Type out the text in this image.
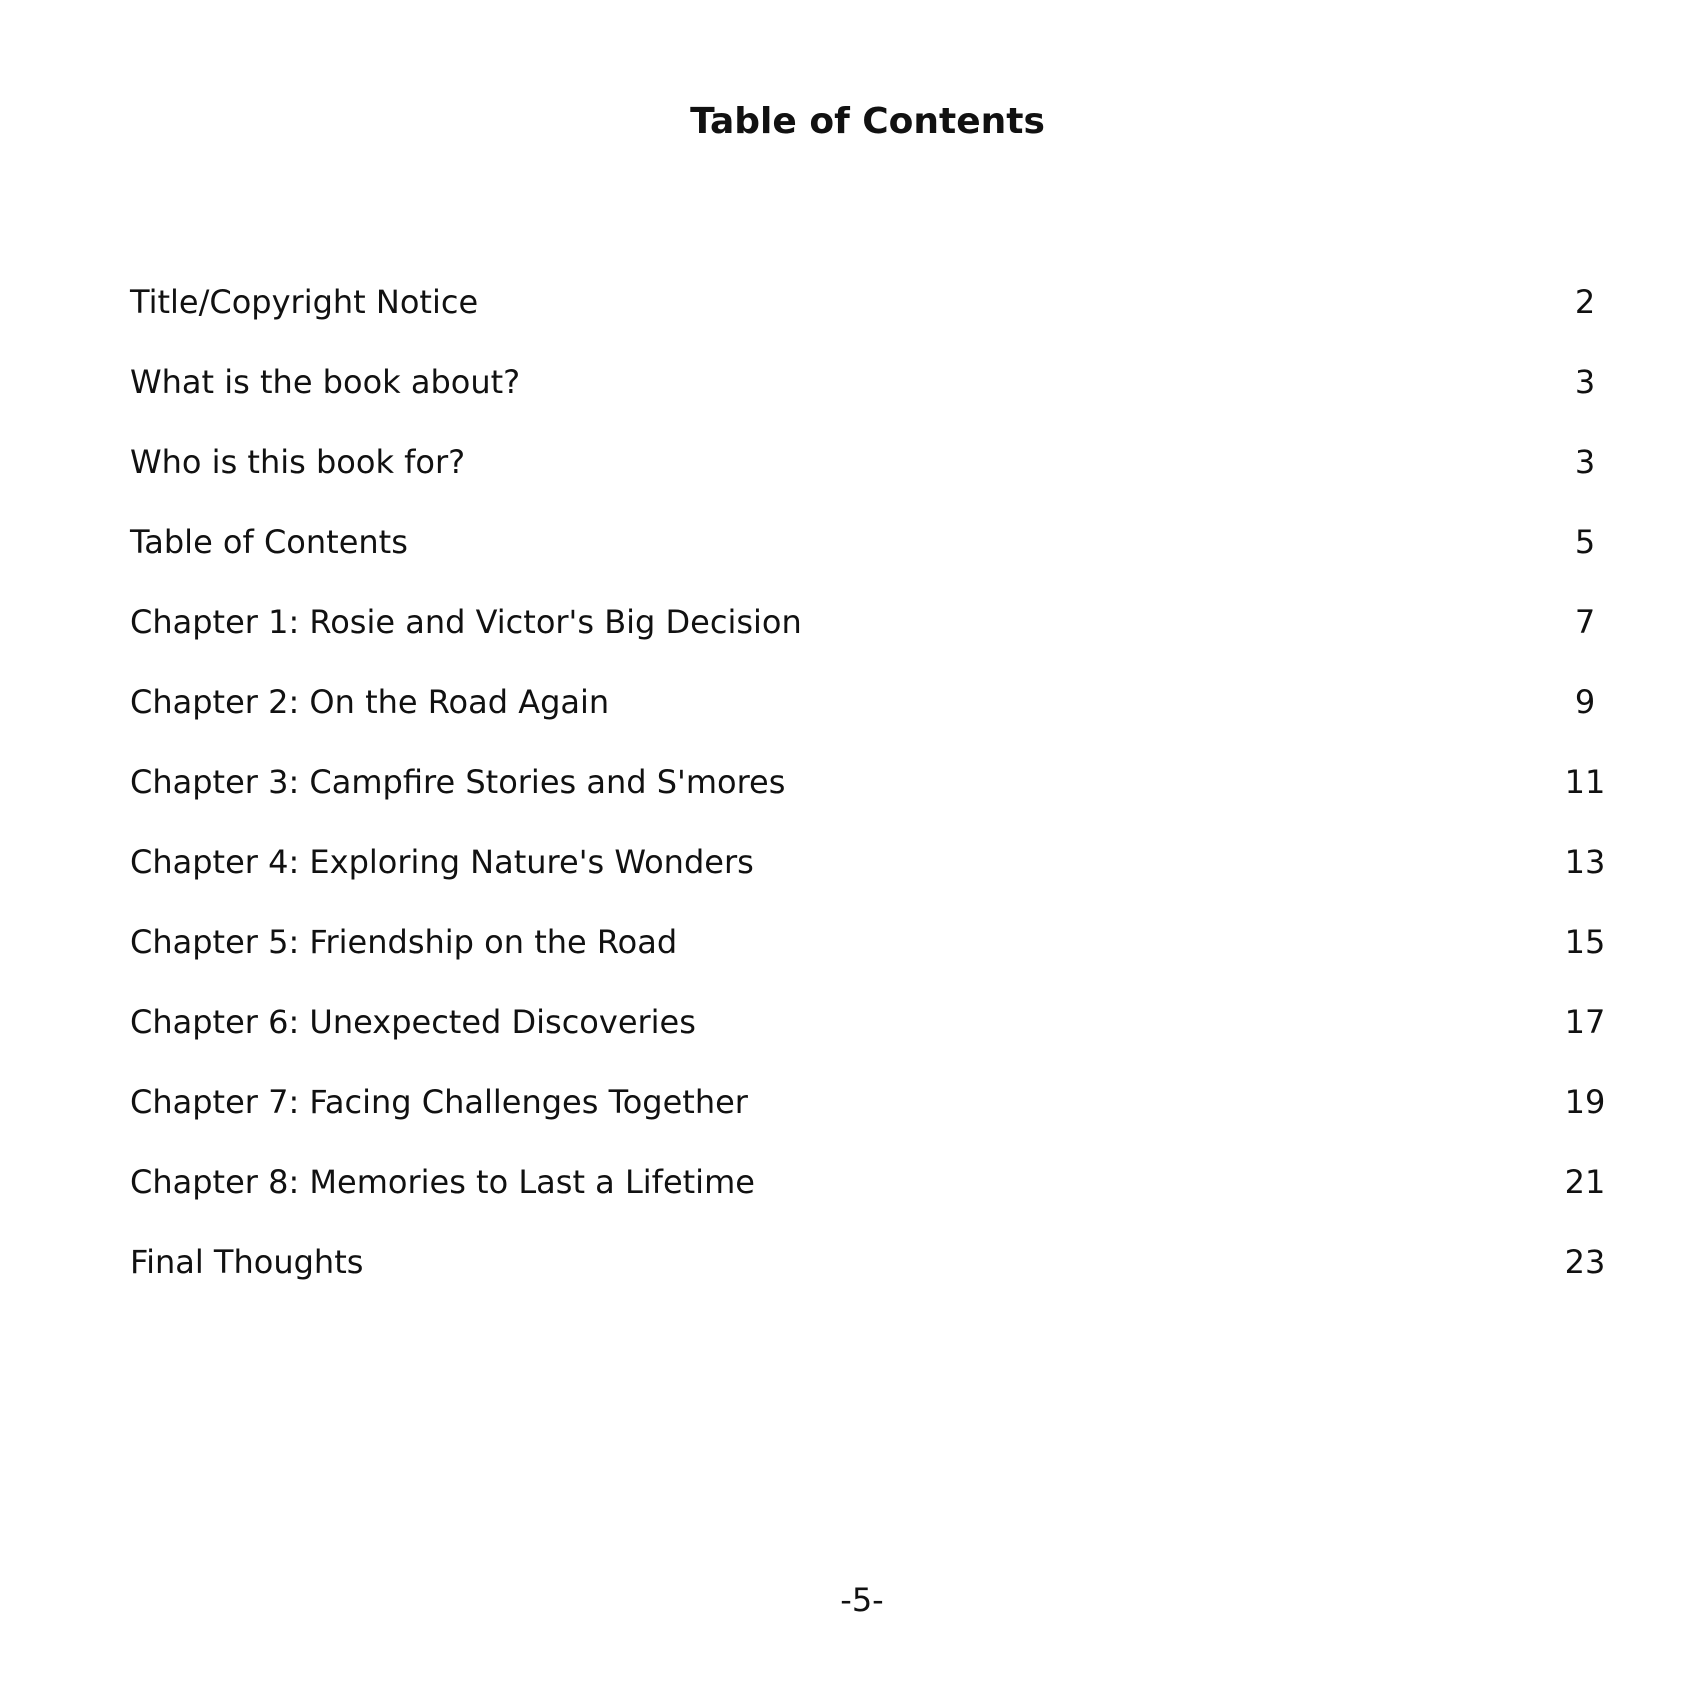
Table of Contents
Title/Copyright Notice	2
What is the book about?	3
Who is this book for?	3
Table of Contents	5
Chapter 1: Rosie and Victor's Big Decision	7
Chapter 2: On the Road Again	9
Chapter 3: Campfire Stories and S'mores	11
Chapter 4: Exploring Nature's Wonders	13
Chapter 5: Friendship on the Road	15
Chapter 6: Unexpected Discoveries	17
Chapter 7: Facing Challenges Together	19
Chapter 8: Memories to Last a Lifetime	21
Final Thoughts	23
-5-
